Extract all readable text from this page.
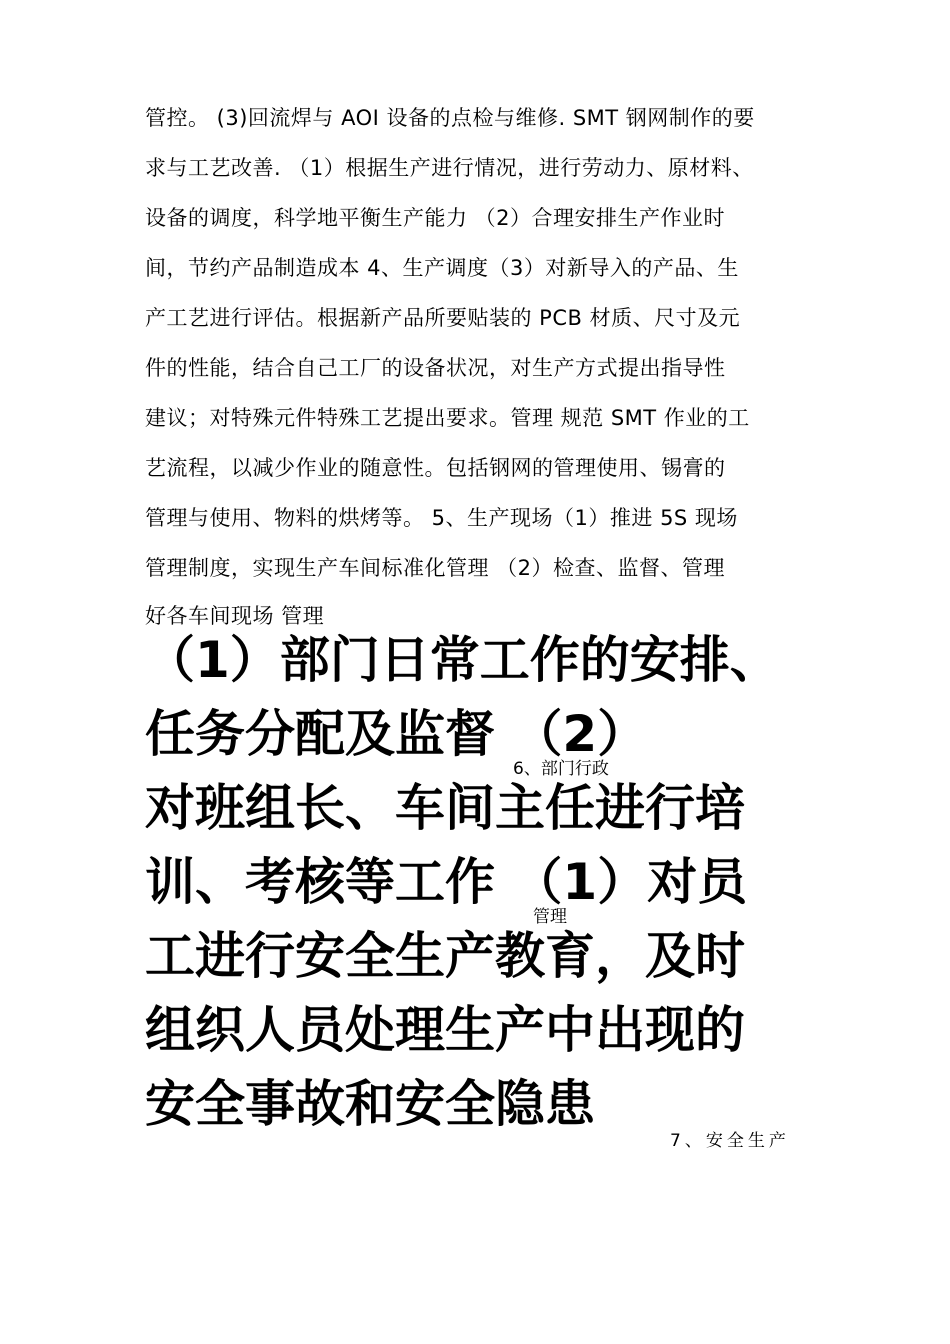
管控。 (3)回流焊与 AOI 设备的点检与维修. SMT 钢网制作的要
求与工艺改善. （1）根据生产进行情况，进行劳动力、原材料、
设备的调度，科学地平衡生产能力 （2）合理安排生产作业时
间，节约产品制造成本 4、生产调度（3）对新导入的产品、生
产工艺进行评估。根据新产品所要贴装的 PCB 材质、尺寸及元
件的性能，结合自己工厂的设备状况，对生产方式提出指导性
建议；对特殊元件特殊工艺提出要求。管理 规范 SMT 作业的工
艺流程，以减少作业的随意性。包括钢网的管理使用、锡膏的
管理与使用、物料的烘烤等。 5、生产现场（1）推进 5S 现场
管理制度，实现生产车间标准化管理 （2）检查、监督、管理
好各车间现场 管理
（1）部门日常工作的安排、
任务分配及监督 （2）
6、部门行政
对班组长、车间主任进行培
训、考核等工作 （1）对员
管理
工进行安全生产教育，及时
组织人员处理生产中出现的
安全事故和安全隐患
7、安全生产
